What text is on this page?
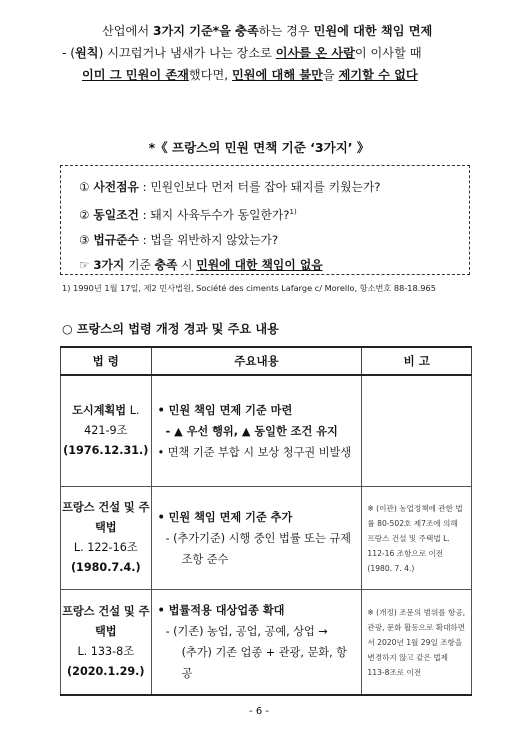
산업에서 3가지 기준*을 충족하는 경우 민원에 대한 책임 면제
- (원칙) 시끄럽거나 냄새가 나는 장소로 이사를 온 사람이 이사할 때
이미 그 민원이 존재했다면, 민원에 대해 불만을 제기할 수 없다
*《 프랑스의 민원 면책 기준 ‘3가지’ 》
① 사전점유 : 민원인보다 먼저 터를 잡아 돼지를 키웠는가?
② 동일조건 : 돼지 사육두수가 동일한가?$^{1)}$
③ 법규준수 : 법을 위반하지 않았는가?
☞ 3가지 기준 충족 시 민원에 대한 책임이 없음
1) 1990년 1월 17일, 제2 민사법원, Société des ciments Lafarge c/ Morello, 항소번호 88-18.965
○ 프랑스의 법령 개정 경과 및 주요 내용
법 령	주요내용	비 고
도시계획법 L. 421-9조
(1976.12.31.)	• 민원 책임 면제 기준 마련
- ▲ 우선 행위, ▲ 동일한 조건 유지
• 면책 기준 부합 시 보상 청구권 비발생	
프랑스 건설 및 주택법
L. 122-16조
(1980.7.4.)	• 민원 책임 면제 기준 추가
- (추가기준) 시행 중인 법률 또는 규제
조항 준수	※ (이관) 농업정책에 관한 법률 80-502호 제7조에 의해 프랑스 건설 및 주택법 L. 112-16 조항으로 이전(1980. 7. 4.)
프랑스 건설 및 주택법
L. 133-8조
(2020.1.29.)	• 법률적용 대상업종 확대
- (기존) 농업, 공업, 공예, 상업 →
(추가) 기존 업종 + 관광, 문화, 항공	※ (개정) 조문의 범위를 항공, 관광, 문화 활동으로 확대하면서 2020년 1월 29일 조항을 변경하지 않고 같은 법제 113-8조로 이전
- 6 -
